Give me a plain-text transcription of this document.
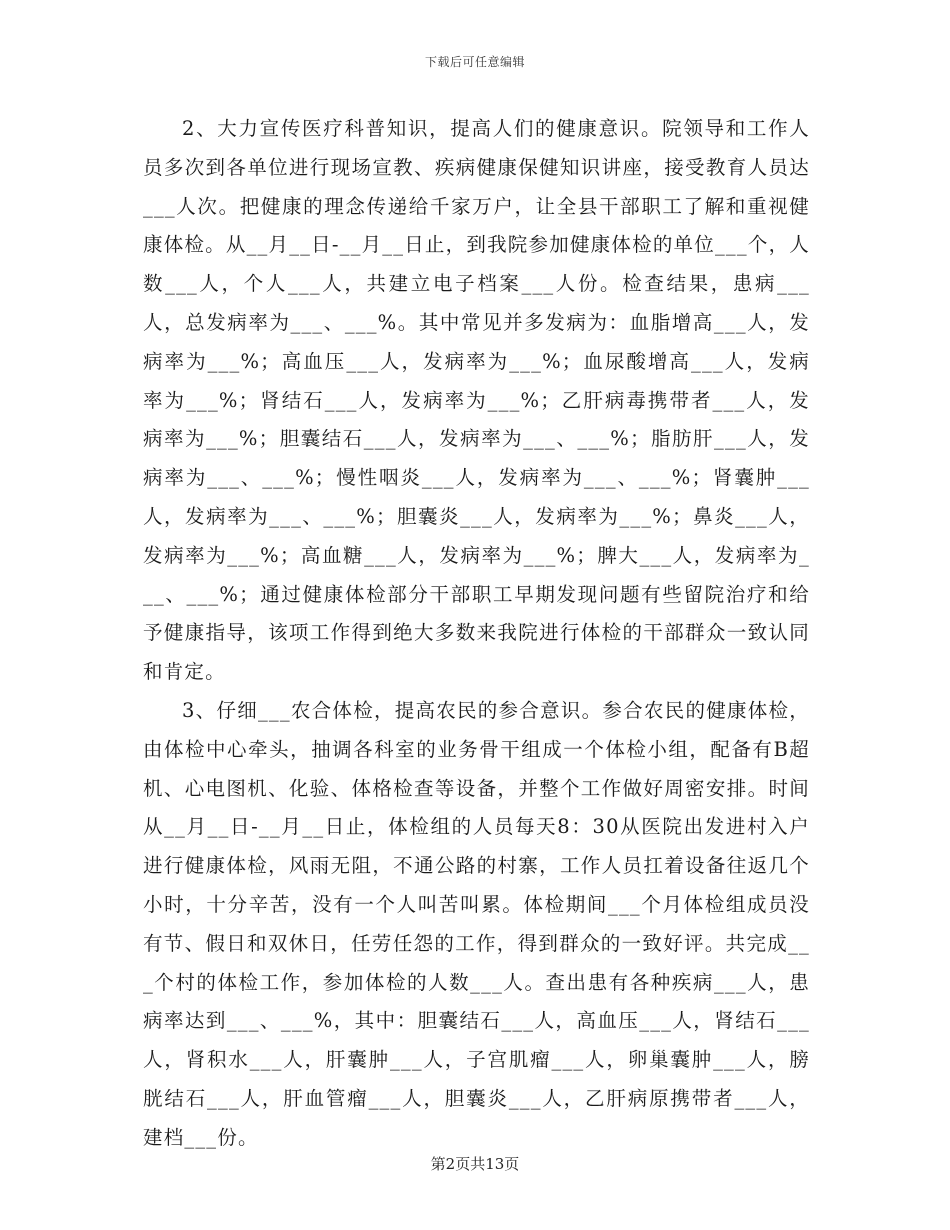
下载后可任意编辑

2、大力宣传医疗科普知识，提高人们的健康意识。院领导和工作人员多次到各单位进行现场宣教、疾病健康保健知识讲座，接受教育人员达___人次。把健康的理念传递给千家万户，让全县干部职工了解和重视健康体检。从__月__日-__月__日止，到我院参加健康体检的单位___个，人数___人，个人___人，共建立电子档案___人份。检查结果，患病___人，总发病率为___、___%。其中常见并多发病为：血脂增高___人，发病率为___%；高血压___人，发病率为___%；血尿酸增高___人，发病率为___%；肾结石___人，发病率为___%；乙肝病毒携带者___人，发病率为___%；胆囊结石___人，发病率为___、___%；脂肪肝___人，发病率为___、___%；慢性咽炎___人，发病率为___、___%；肾囊肿___人，发病率为___、___%；胆囊炎___人，发病率为___%；鼻炎___人，发病率为___%；高血糖___人，发病率为___%；脾大___人，发病率为___、___%；通过健康体检部分干部职工早期发现问题有些留院治疗和给予健康指导，该项工作得到绝大多数来我院进行体检的干部群众一致认同和肯定。

3、仔细___农合体检，提高农民的参合意识。参合农民的健康体检，由体检中心牵头，抽调各科室的业务骨干组成一个体检小组，配备有B超机、心电图机、化验、体格检查等设备，并整个工作做好周密安排。时间从__月__日-__月__日止，体检组的人员每天8：30从医院出发进村入户进行健康体检，风雨无阻，不通公路的村寨，工作人员扛着设备往返几个小时，十分辛苦，没有一个人叫苦叫累。体检期间___个月体检组成员没有节、假日和双休日，任劳任怨的工作，得到群众的一致好评。共完成___个村的体检工作，参加体检的人数___人。查出患有各种疾病___人，患病率达到___、___%，其中：胆囊结石___人，高血压___人，肾结石___人，肾积水___人，肝囊肿___人，子宫肌瘤___人，卵巢囊肿___人，膀胱结石___人，肝血管瘤___人，胆囊炎___人，乙肝病原携带者___人，建档___份。

第2页共13页
